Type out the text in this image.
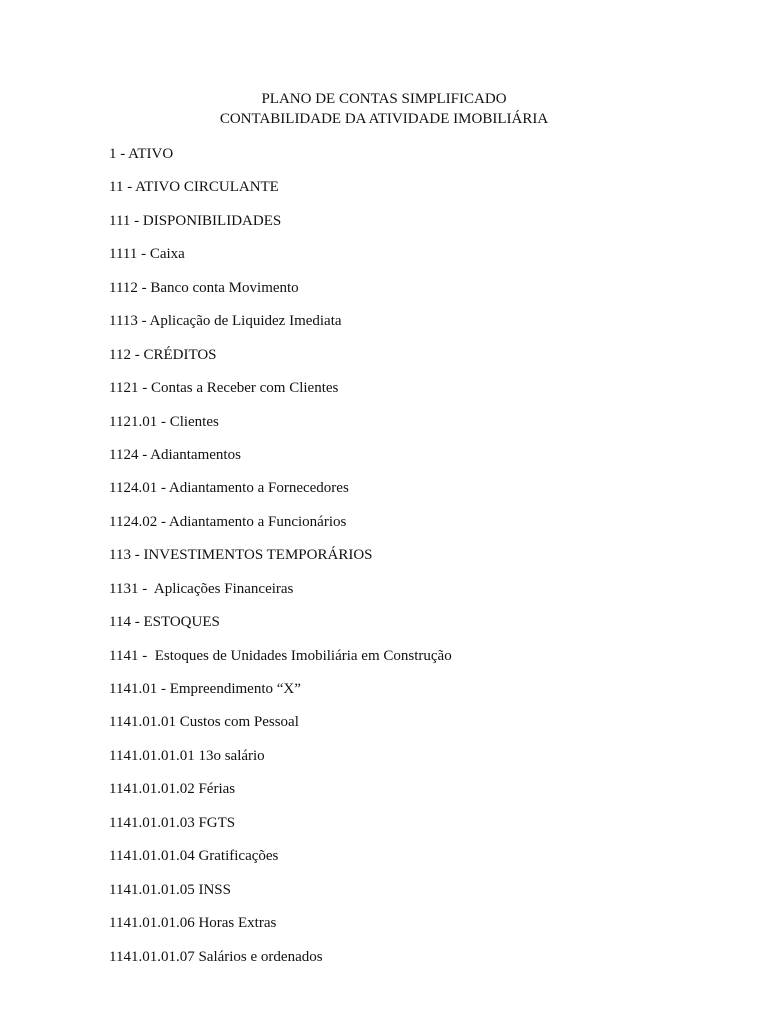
PLANO DE CONTAS SIMPLIFICADO
CONTABILIDADE DA ATIVIDADE IMOBILIÁRIA
1 - ATIVO
11 - ATIVO CIRCULANTE
111 - DISPONIBILIDADES
1111 - Caixa
1112 - Banco conta Movimento
1113 - Aplicação de Liquidez Imediata
112 - CRÉDITOS
1121 - Contas a Receber com Clientes
1121.01 - Clientes
1124 - Adiantamentos
1124.01 - Adiantamento a Fornecedores
1124.02 - Adiantamento a Funcionários
113 - INVESTIMENTOS TEMPORÁRIOS
1131 -  Aplicações Financeiras
114 - ESTOQUES
1141 -  Estoques de Unidades Imobiliária em Construção
1141.01 - Empreendimento “X”
1141.01.01 Custos com Pessoal
1141.01.01.01 13o salário
1141.01.01.02 Férias
1141.01.01.03 FGTS
1141.01.01.04 Gratificações
1141.01.01.05 INSS
1141.01.01.06 Horas Extras
1141.01.01.07 Salários e ordenados
